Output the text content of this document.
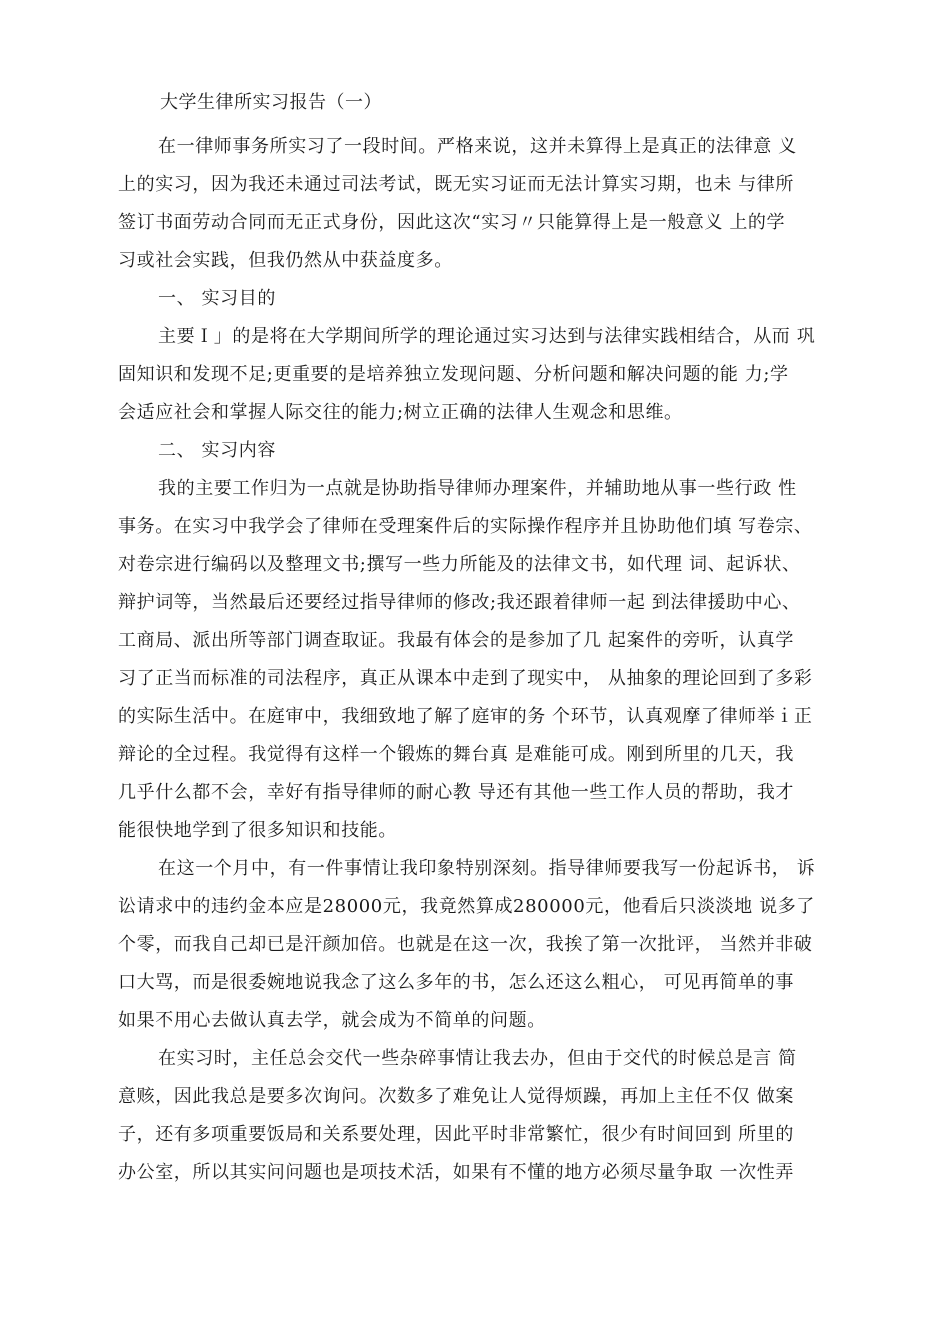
大学生律所实习报告（一）

在一律师事务所实习了一段时间。严格来说，这并未算得上是真正的法律意 义
上的实习，因为我还未通过司法考试，既无实习证而无法计算实习期，也未 与律所
签订书面劳动合同而无正式身份，因此这次“实习〃只能算得上是一般意义 上的学
习或社会实践，但我仍然从中获益度多。

一、 实习目的

主要Ｉ」的是将在大学期间所学的理论通过实习达到与法律实践相结合，从而 巩
固知识和发现不足;更重要的是培养独立发现问题、分析问题和解决问题的能 力;学
会适应社会和掌握人际交往的能力;树立正确的法律人生观念和思维。

二、 实习内容

我的主要工作归为一点就是协助指导律师办理案件，并辅助地从事一些行政 性
事务。在实习中我学会了律师在受理案件后的实际操作程序并且协助他们填 写卷宗、
对卷宗进行编码以及整理文书;撰写一些力所能及的法律文书，如代理 词、起诉状、
辩护词等，当然最后还要经过指导律师的修改;我还跟着律师一起 到法律援助中心、
工商局、派出所等部门调查取证。我最有体会的是参加了几 起案件的旁听，认真学
习了正当而标准的司法程序，真正从课本中走到了现实中， 从抽象的理论回到了多彩
的实际生活中。在庭审中，我细致地了解了庭审的务 个环节，认真观摩了律师举ｉ正
辩论的全过程。我觉得有这样一个锻炼的舞台真 是难能可成。刚到所里的几天，我
几乎什么都不会，幸好有指导律师的耐心教 导还有其他一些工作人员的帮助，我才
能很快地学到了很多知识和技能。

在这一个月中，有一件事情让我印象特别深刻。指导律师要我写一份起诉书， 诉
讼请求中的违约金本应是28000元，我竟然算成280000元，他看后只淡淡地 说多了
个零，而我自己却已是汗颜加倍。也就是在这一次，我挨了第一次批评， 当然并非破
口大骂，而是很委婉地说我念了这么多年的书，怎么还这么粗心， 可见再简单的事
如果不用心去做认真去学，就会成为不简单的问题。

在实习时，主任总会交代一些杂碎事情让我去办，但由于交代的时候总是言 简
意赅，因此我总是要多次询问。次数多了难免让人觉得烦躁，再加上主任不仅 做案
子，还有多项重要饭局和关系要处理，因此平时非常繁忙，很少有时间回到 所里的
办公室，所以其实问问题也是项技术活，如果有不懂的地方必须尽量争取 一次性弄
